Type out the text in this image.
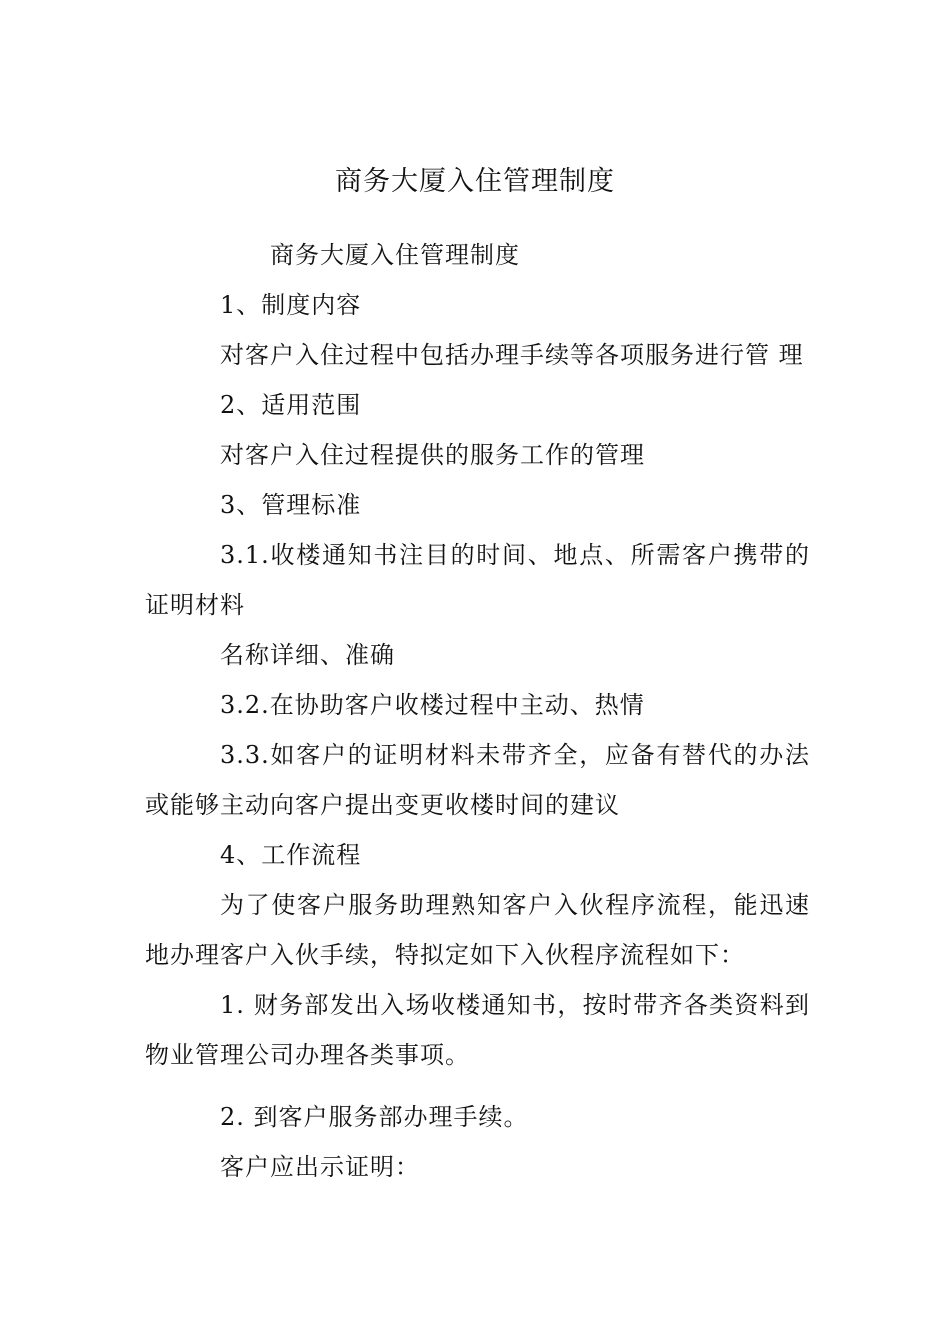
商务大厦入住管理制度

商务大厦入住管理制度

1、制度内容

对客户入住过程中包括办理手续等各项服务进行管 理

2、适用范围

对客户入住过程提供的服务工作的管理

3、管理标准

3.1.收楼通知书注目的时间、地点、所需客户携带的证明材料

名称详细、准确

3.2.在协助客户收楼过程中主动、热情

3.3.如客户的证明材料未带齐全，应备有替代的办法或能够主动向客户提出变更收楼时间的建议

4、工作流程

为了使客户服务助理熟知客户入伙程序流程，能迅速地办理客户入伙手续，特拟定如下入伙程序流程如下：

1. 财务部发出入场收楼通知书，按时带齐各类资料到物业管理公司办理各类事项。

2. 到客户服务部办理手续。

客户应出示证明：
